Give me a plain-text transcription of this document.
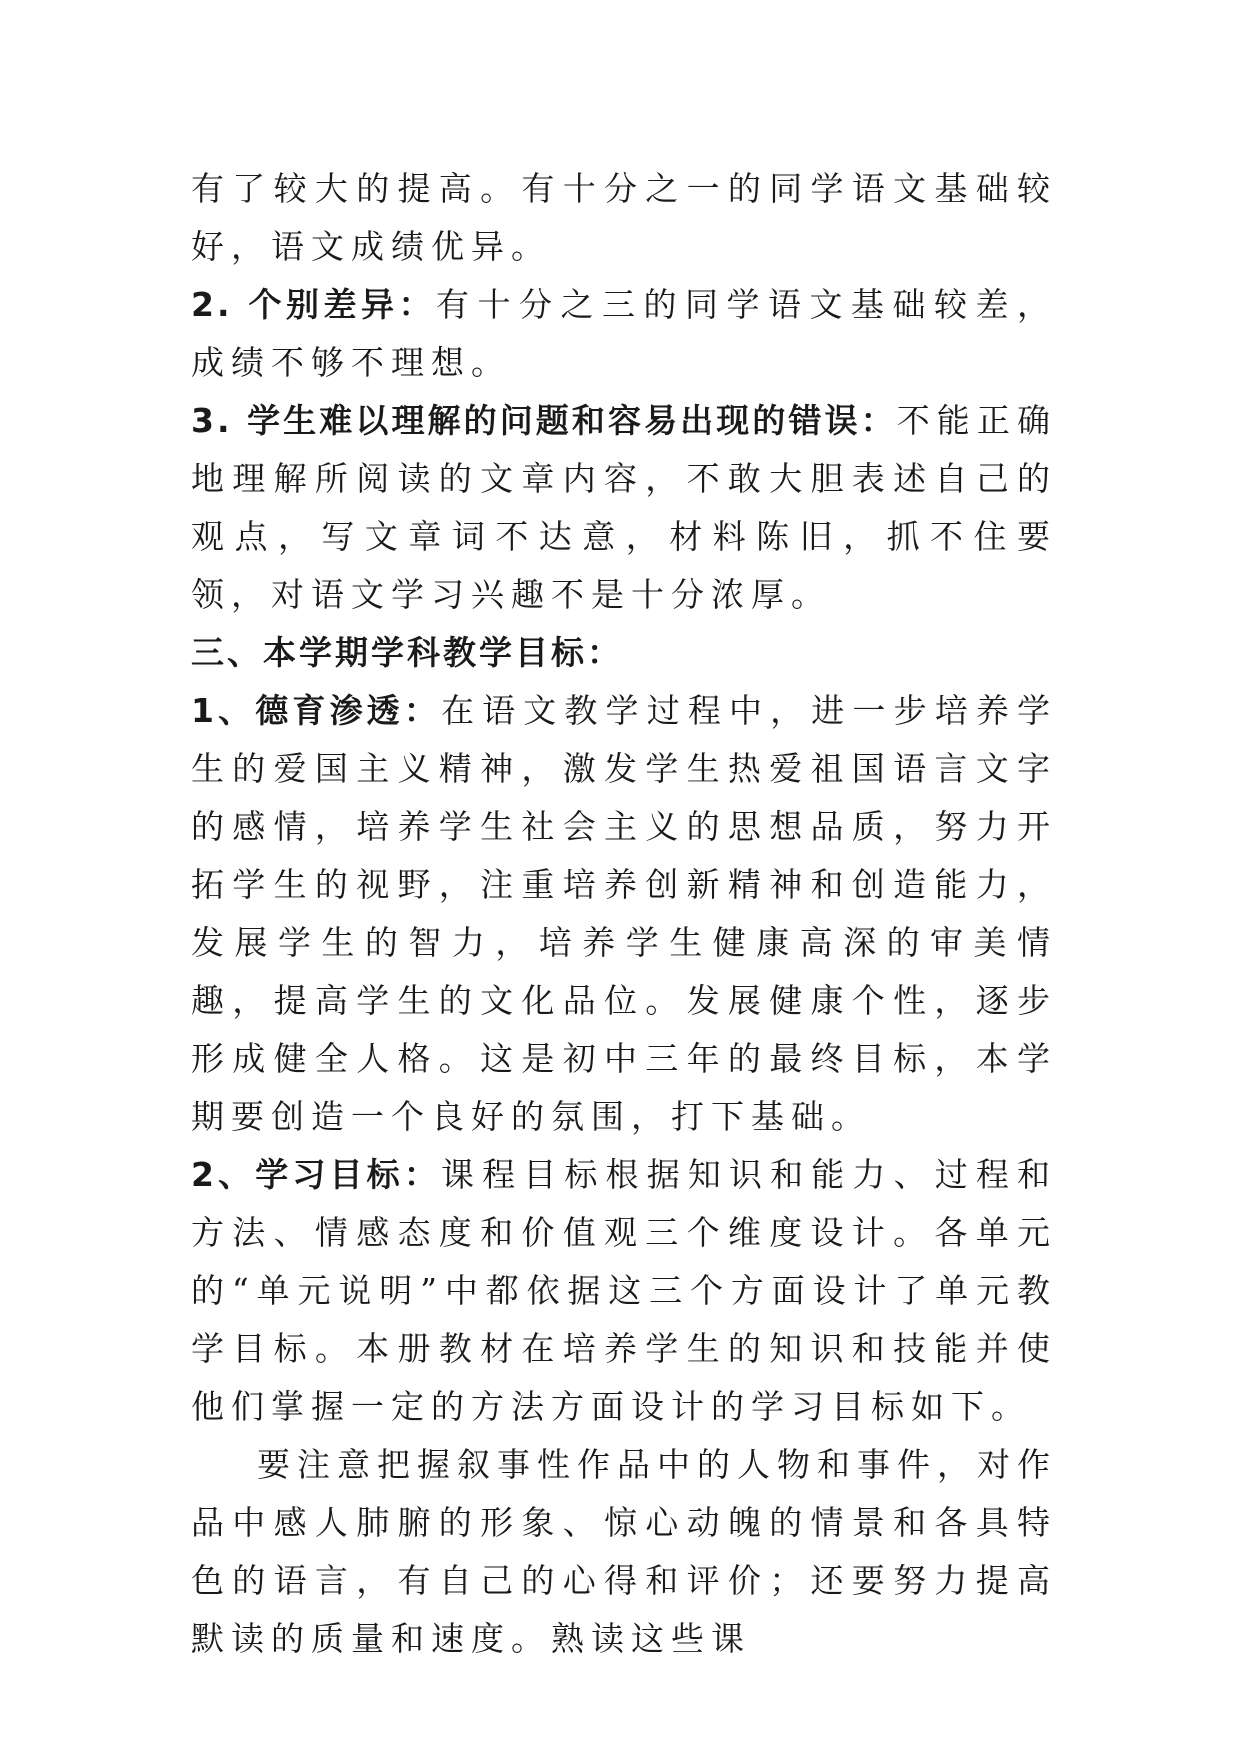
有了较大的提高。有十分之一的同学语文基础较好，语文成绩优异。

2. 个别差异：有十分之三的同学语文基础较差，成绩不够不理想。

3. 学生难以理解的问题和容易出现的错误：不能正确地理解所阅读的文章内容，不敢大胆表述自己的观点，写文章词不达意，材料陈旧，抓不住要领，对语文学习兴趣不是十分浓厚。

三、本学期学科教学目标：

1、德育渗透：在语文教学过程中，进一步培养学生的爱国主义精神，激发学生热爱祖国语言文字的感情，培养学生社会主义的思想品质，努力开拓学生的视野，注重培养创新精神和创造能力，发展学生的智力，培养学生健康高深的审美情趣，提高学生的文化品位。发展健康个性，逐步形成健全人格。这是初中三年的最终目标，本学期要创造一个良好的氛围，打下基础。

2、学习目标：课程目标根据知识和能力、过程和方法、情感态度和价值观三个维度设计。各单元的“单元说明”中都依据这三个方面设计了单元教学目标。本册教材在培养学生的知识和技能并使他们掌握一定的方法方面设计的学习目标如下。

要注意把握叙事性作品中的人物和事件，对作品中感人肺腑的形象、惊心动魄的情景和各具特色的语言，有自己的心得和评价；还要努力提高默读的质量和速度。熟读这些课
